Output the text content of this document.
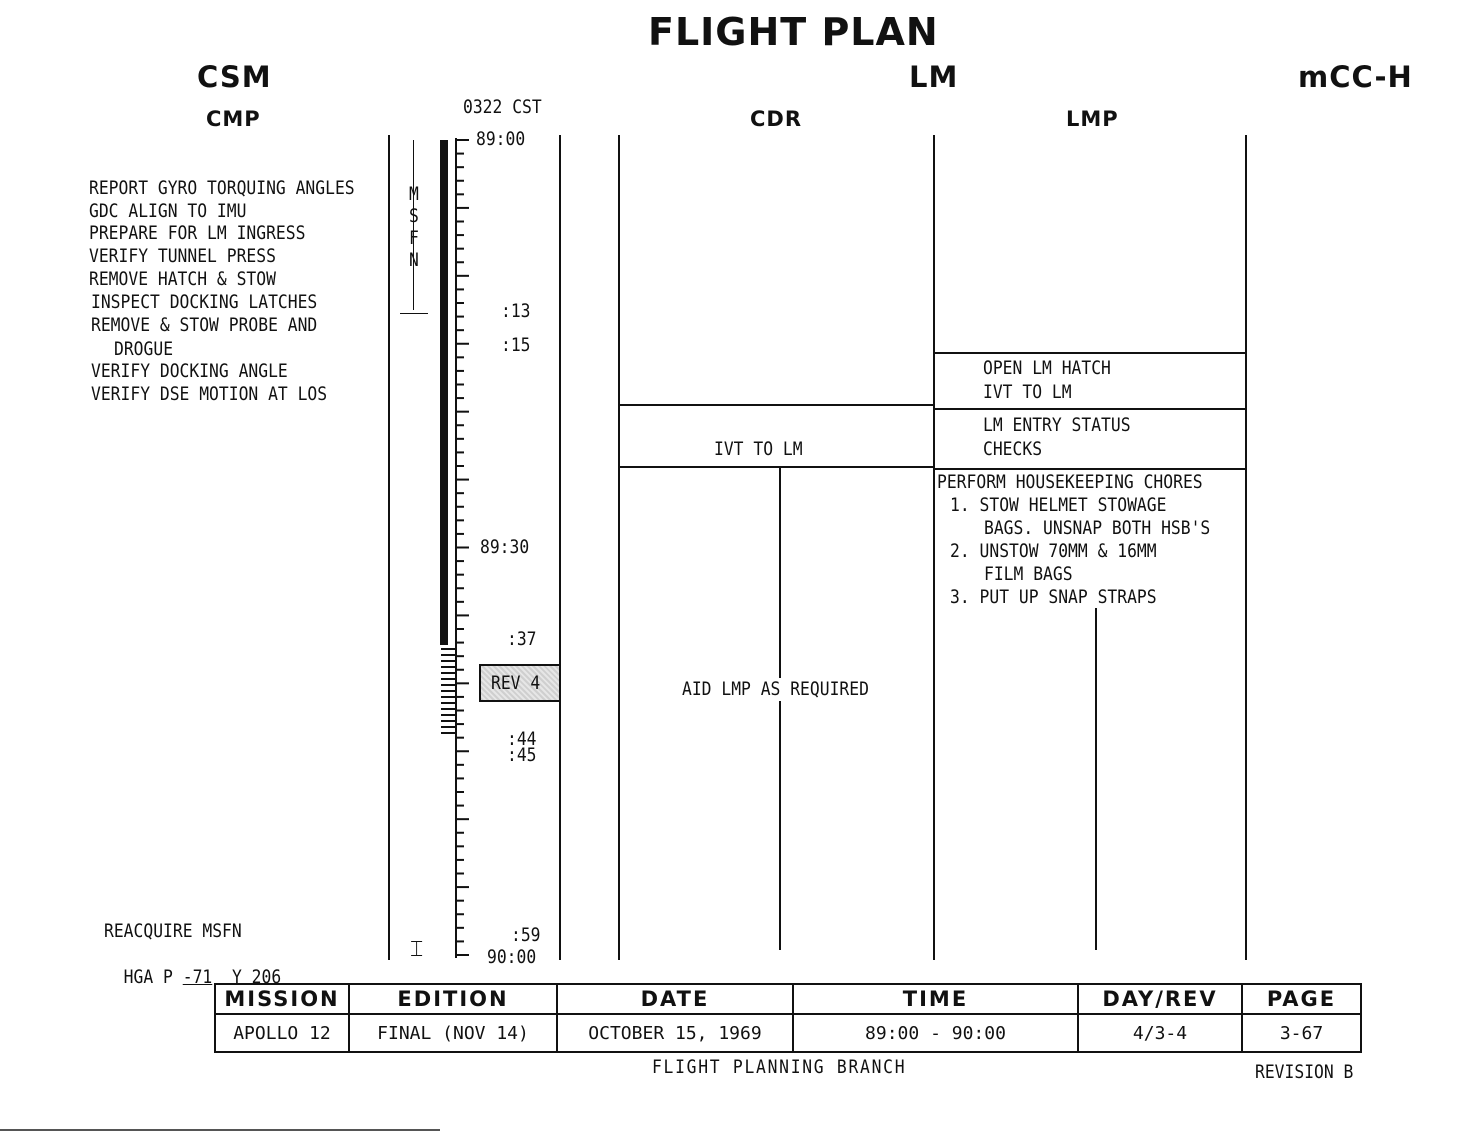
FLIGHT PLAN
CSM	LM	mCC-H
CMP	CDR	LMP
0322 CST
REPORT GYRO TORQUING ANGLES
GDC ALIGN TO IMU
PREPARE FOR LM INGRESS
VERIFY TUNNEL PRESS
REMOVE HATCH & STOW
INSPECT DOCKING LATCHES
REMOVE & STOW PROBE AND
DROGUE
VERIFY DOCKING ANGLE
VERIFY DSE MOTION AT LOS
REACQUIRE MSFN

HGA P -71 Y 206

M
S
F
N
⌶
89:00
:13
:15
89:30
:37
:44
:45
:59
90:00
REV 4
IVT TO LM
AID LMP AS REQUIRED
OPEN LM HATCH
IVT TO LM
LM ENTRY STATUS
CHECKS
PERFORM HOUSEKEEPING CHORES
1. STOW HELMET STOWAGE
BAGS. UNSNAP BOTH HSB'S
2. UNSTOW 70MM & 16MM
FILM BAGS
3. PUT UP SNAP STRAPS
MISSION	EDITION	DATE	TIME	DAY/REV	PAGE
APOLLO 12	FINAL (NOV 14)	OCTOBER 15, 1969	89:00 - 90:00	4/3-4	3-67
FLIGHT PLANNING BRANCH	REVISION B
